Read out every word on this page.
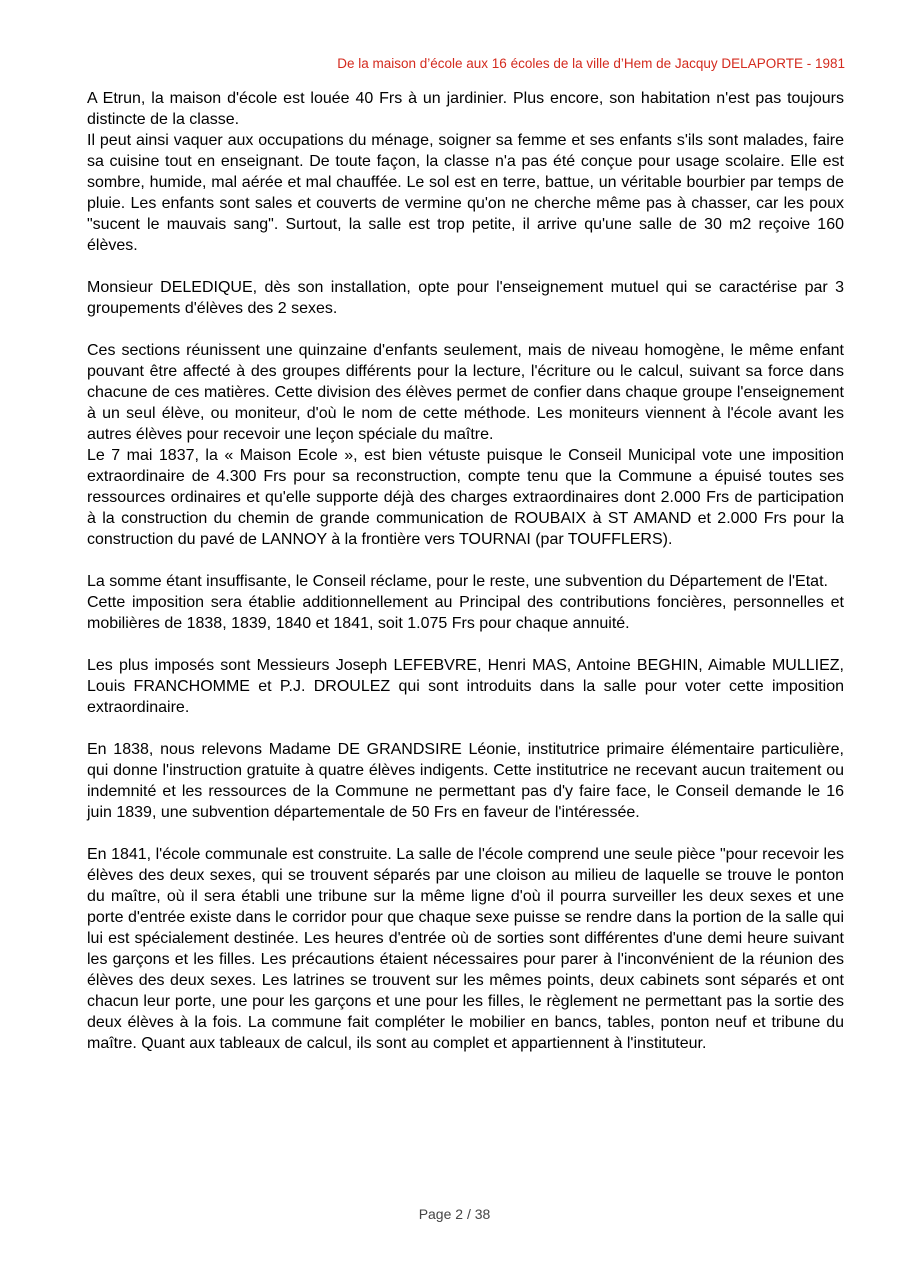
De la maison d’école aux 16 écoles de la ville d’Hem de Jacquy DELAPORTE - 1981

A Etrun, la maison d'école est louée 40 Frs à un jardinier. Plus encore, son habitation n'est pas toujours distincte de la classe.

Il peut ainsi vaquer aux occupations du ménage, soigner sa femme et ses enfants s'ils sont malades, faire sa cuisine tout en enseignant. De toute façon, la classe n'a pas été conçue pour usage scolaire. Elle est sombre, humide, mal aérée et mal chauffée. Le sol est en terre, battue, un véritable bourbier par temps de pluie. Les enfants sont sales et couverts de vermine qu'on ne cherche même pas à chasser, car les poux "sucent le mauvais sang". Surtout, la salle est trop petite, il arrive qu'une salle de 30 m2 reçoive 160 élèves.

Monsieur DELEDIQUE, dès son installation, opte pour l'enseignement mutuel qui se caractérise par 3 groupements d'élèves des 2 sexes.

Ces sections réunissent une quinzaine d'enfants seulement, mais de niveau homogène, le même enfant pouvant être affecté à des groupes différents pour la lecture, l'écriture ou le calcul, suivant sa force dans chacune de ces matières. Cette division des élèves permet de confier dans chaque groupe l'enseignement à un seul élève, ou moniteur, d'où le nom de cette méthode. Les moniteurs viennent à l'école avant les autres élèves pour recevoir une leçon spéciale du maître.

Le 7 mai 1837, la « Maison Ecole », est bien vétuste puisque le Conseil Municipal vote une imposition extraordinaire de 4.300 Frs pour sa reconstruction, compte tenu que la Commune a épuisé toutes ses ressources ordinaires et qu'elle supporte déjà des charges extraordinaires dont 2.000 Frs de participation à la construction du chemin de grande communication de ROUBAIX à ST AMAND et 2.000 Frs pour la construction du pavé de LANNOY à la frontière vers TOURNAI (par TOUFFLERS).

La somme étant insuffisante, le Conseil réclame, pour le reste, une subvention du Département de l'Etat.

Cette imposition sera établie additionnellement au Principal des contributions foncières, personnelles et mobilières de 1838, 1839, 1840 et 1841, soit 1.075 Frs pour chaque annuité.

Les plus imposés sont Messieurs Joseph LEFEBVRE, Henri MAS, Antoine BEGHIN, Aimable MULLIEZ, Louis FRANCHOMME et P.J. DROULEZ qui sont introduits dans la salle pour voter cette imposition extraordinaire.

En 1838, nous relevons Madame DE GRANDSIRE Léonie, institutrice primaire élémentaire particulière, qui donne l'instruction gratuite à quatre élèves indigents. Cette institutrice ne recevant aucun traitement ou indemnité et les ressources de la Commune ne permettant pas d'y faire face, le Conseil demande le 16 juin 1839, une subvention départementale de 50 Frs en faveur de l'intéressée.

En 1841, l'école communale est construite. La salle de l'école comprend une seule pièce "pour recevoir les élèves des deux sexes, qui se trouvent séparés par une cloison au milieu de laquelle se trouve le ponton du maître, où il sera établi une tribune sur la même ligne d'où il pourra surveiller les deux sexes et une porte d'entrée existe dans le corridor pour que chaque sexe puisse se rendre dans la portion de la salle qui lui est spécialement destinée. Les heures d'entrée où de sorties sont différentes d'une demi heure suivant les garçons et les filles. Les précautions étaient nécessaires pour parer à l'inconvénient de la réunion des élèves des deux sexes. Les latrines se trouvent sur les mêmes points, deux cabinets sont séparés et ont chacun leur porte, une pour les garçons et une pour les filles, le règlement ne permettant pas la sortie des deux élèves à la fois. La commune fait compléter le mobilier en bancs, tables, ponton neuf et tribune du maître. Quant aux tableaux de calcul, ils sont au complet et appartiennent à l'instituteur.

Page 2 / 38
